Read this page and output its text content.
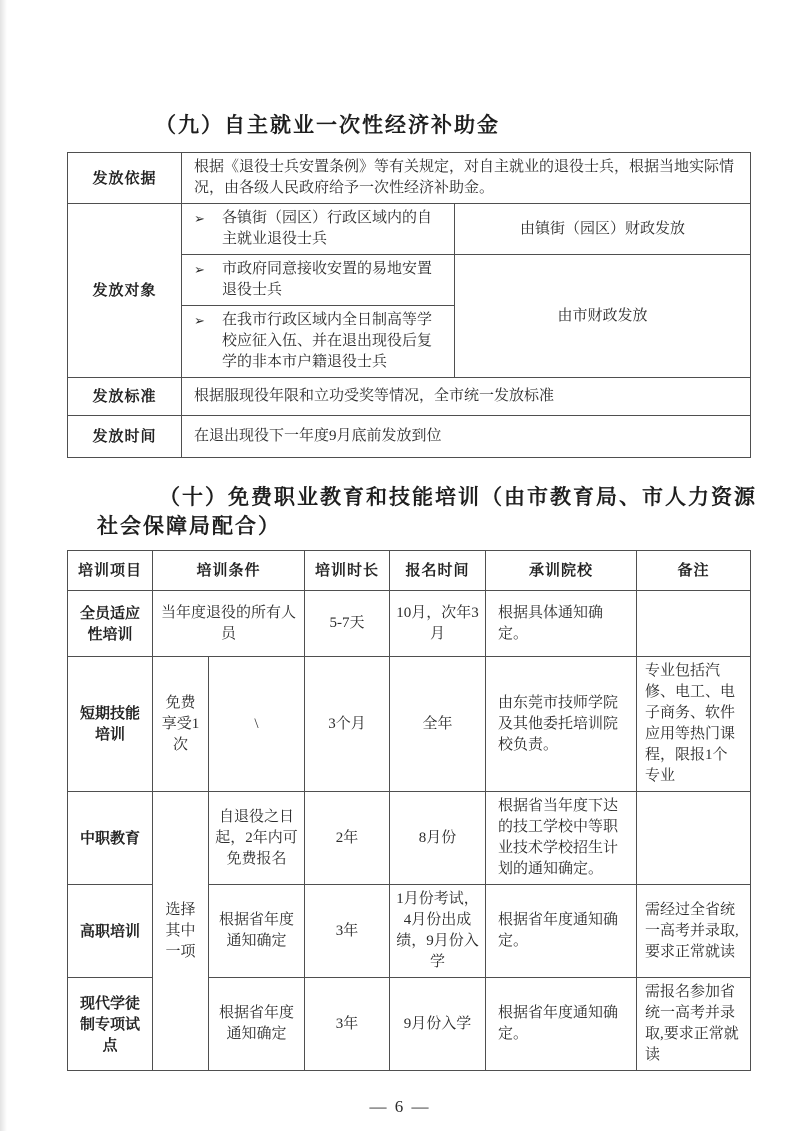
（九）自主就业一次性经济补助金
发放依据	根据《退役士兵安置条例》等有关规定，对自主就业的退役士兵，根据当地实际情况，由各级人民政府给予一次性经济补助金。	
发放对象	➢ 各镇街（园区）行政区域内的自主就业退役士兵	由镇街（园区）财政发放

	➢ 市政府同意接收安置的易地安置退役士兵	由市财政发放

	➢ 在我市行政区域内全日制高等学校应征入伍、并在退出现役后复学的非本市户籍退役士兵	

发放标准	根据服现役年限和立功受奖等情况，全市统一发放标准	
发放时间	在退出现役下一年度9月底前发放到位	
（十）免费职业教育和技能培训（由市教育局、市人力资源社会保障局配合）
培训项目	培训条件		培训时长	报名时间	承训院校	备注
全员适应性培训	当年度退役的所有人员		5-7天	10月，次年3月	根据具体通知确定。	
短期技能培训	免费享受1次	\	3个月	全年	由东莞市技师学院及其他委托培训院校负责。	专业包括汽修、电工、电子商务、软件应用等热门课程，限报1个专业
中职教育	选择其中一项	自退役之日起，2年内可免费报名	2年	8月份	根据省当年度下达的技工学校中等职业技术学校招生计划的通知确定。	
高职培训		根据省年度通知确定	3年	1月份考试，4月份出成绩，9月份入学	根据省年度通知确定。	需经过全省统一高考并录取,要求正常就读
现代学徒制专项试点		根据省年度通知确定	3年	9月份入学	根据省年度通知确定。	需报名参加省统一高考并录取,要求正常就读
— 6 —
